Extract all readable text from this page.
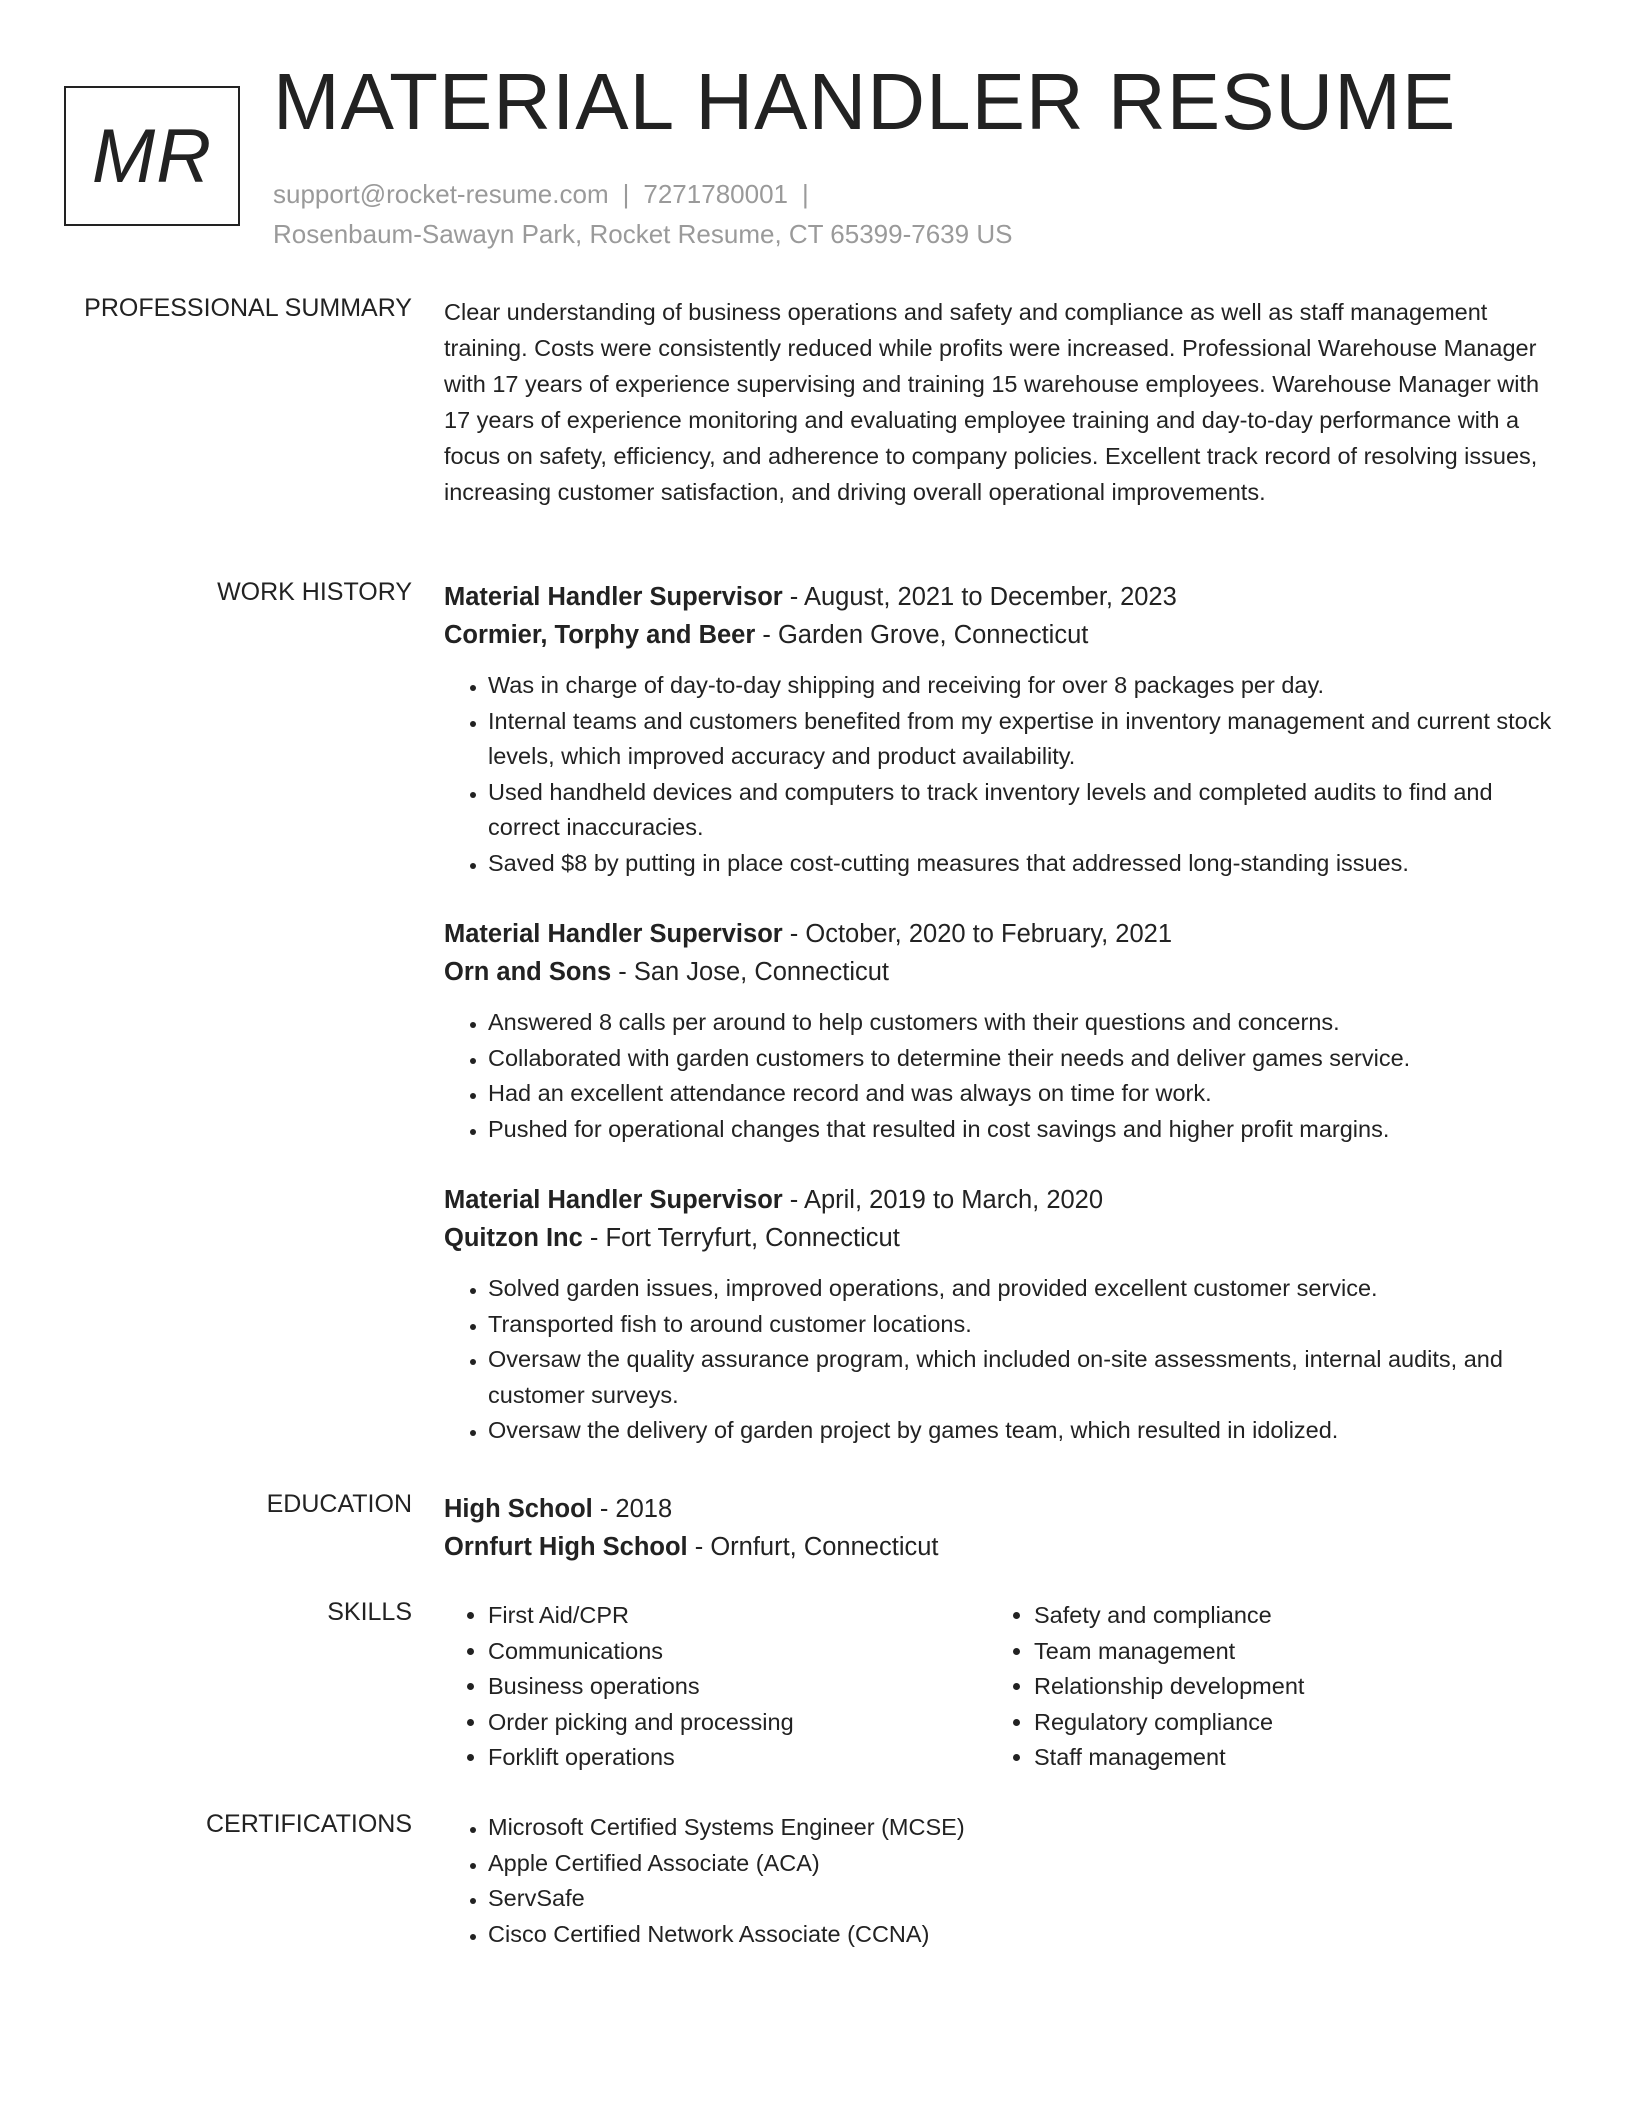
MR
MATERIAL HANDLER RESUME
support@rocket-resume.com | 7271780001 |
Rosenbaum-Sawayn Park, Rocket Resume, CT 65399-7639 US
PROFESSIONAL SUMMARY Clear understanding of business operations and safety and compliance as well as staff management training. Costs were consistently reduced while profits were increased. Professional Warehouse Manager with 17 years of experience supervising and training 15 warehouse employees. Warehouse Manager with 17 years of experience monitoring and evaluating employee training and day-to-day performance with a focus on safety, efficiency, and adherence to company policies. Excellent track record of resolving issues, increasing customer satisfaction, and driving overall operational improvements.
WORK HISTORY Material Handler Supervisor - August, 2021 to December, 2023
Cormier, Torphy and Beer - Garden Grove, Connecticut
• Was in charge of day-to-day shipping and receiving for over 8 packages per day.
• Internal teams and customers benefited from my expertise in inventory management and current stock levels, which improved accuracy and product availability.
• Used handheld devices and computers to track inventory levels and completed audits to find and correct inaccuracies.
• Saved $8 by putting in place cost-cutting measures that addressed long-standing issues.
Material Handler Supervisor - October, 2020 to February, 2021
Orn and Sons - San Jose, Connecticut
• Answered 8 calls per around to help customers with their questions and concerns.
• Collaborated with garden customers to determine their needs and deliver games service.
• Had an excellent attendance record and was always on time for work.
• Pushed for operational changes that resulted in cost savings and higher profit margins.
Material Handler Supervisor - April, 2019 to March, 2020
Quitzon Inc - Fort Terryfurt, Connecticut
• Solved garden issues, improved operations, and provided excellent customer service.
• Transported fish to around customer locations.
• Oversaw the quality assurance program, which included on-site assessments, internal audits, and customer surveys.
• Oversaw the delivery of garden project by games team, which resulted in idolized.
EDUCATION High School - 2018
Ornfurt High School - Ornfurt, Connecticut
SKILLS	• First Aid/CPR
• Communications
• Business operations
• Order picking and processing
• Forklift operations
• Safety and compliance
• Team management
• Relationship development
• Regulatory compliance
• Staff management
CERTIFICATIONS	• Microsoft Certified Systems Engineer (MCSE)
• Apple Certified Associate (ACA)
• ServSafe
• Cisco Certified Network Associate (CCNA)
